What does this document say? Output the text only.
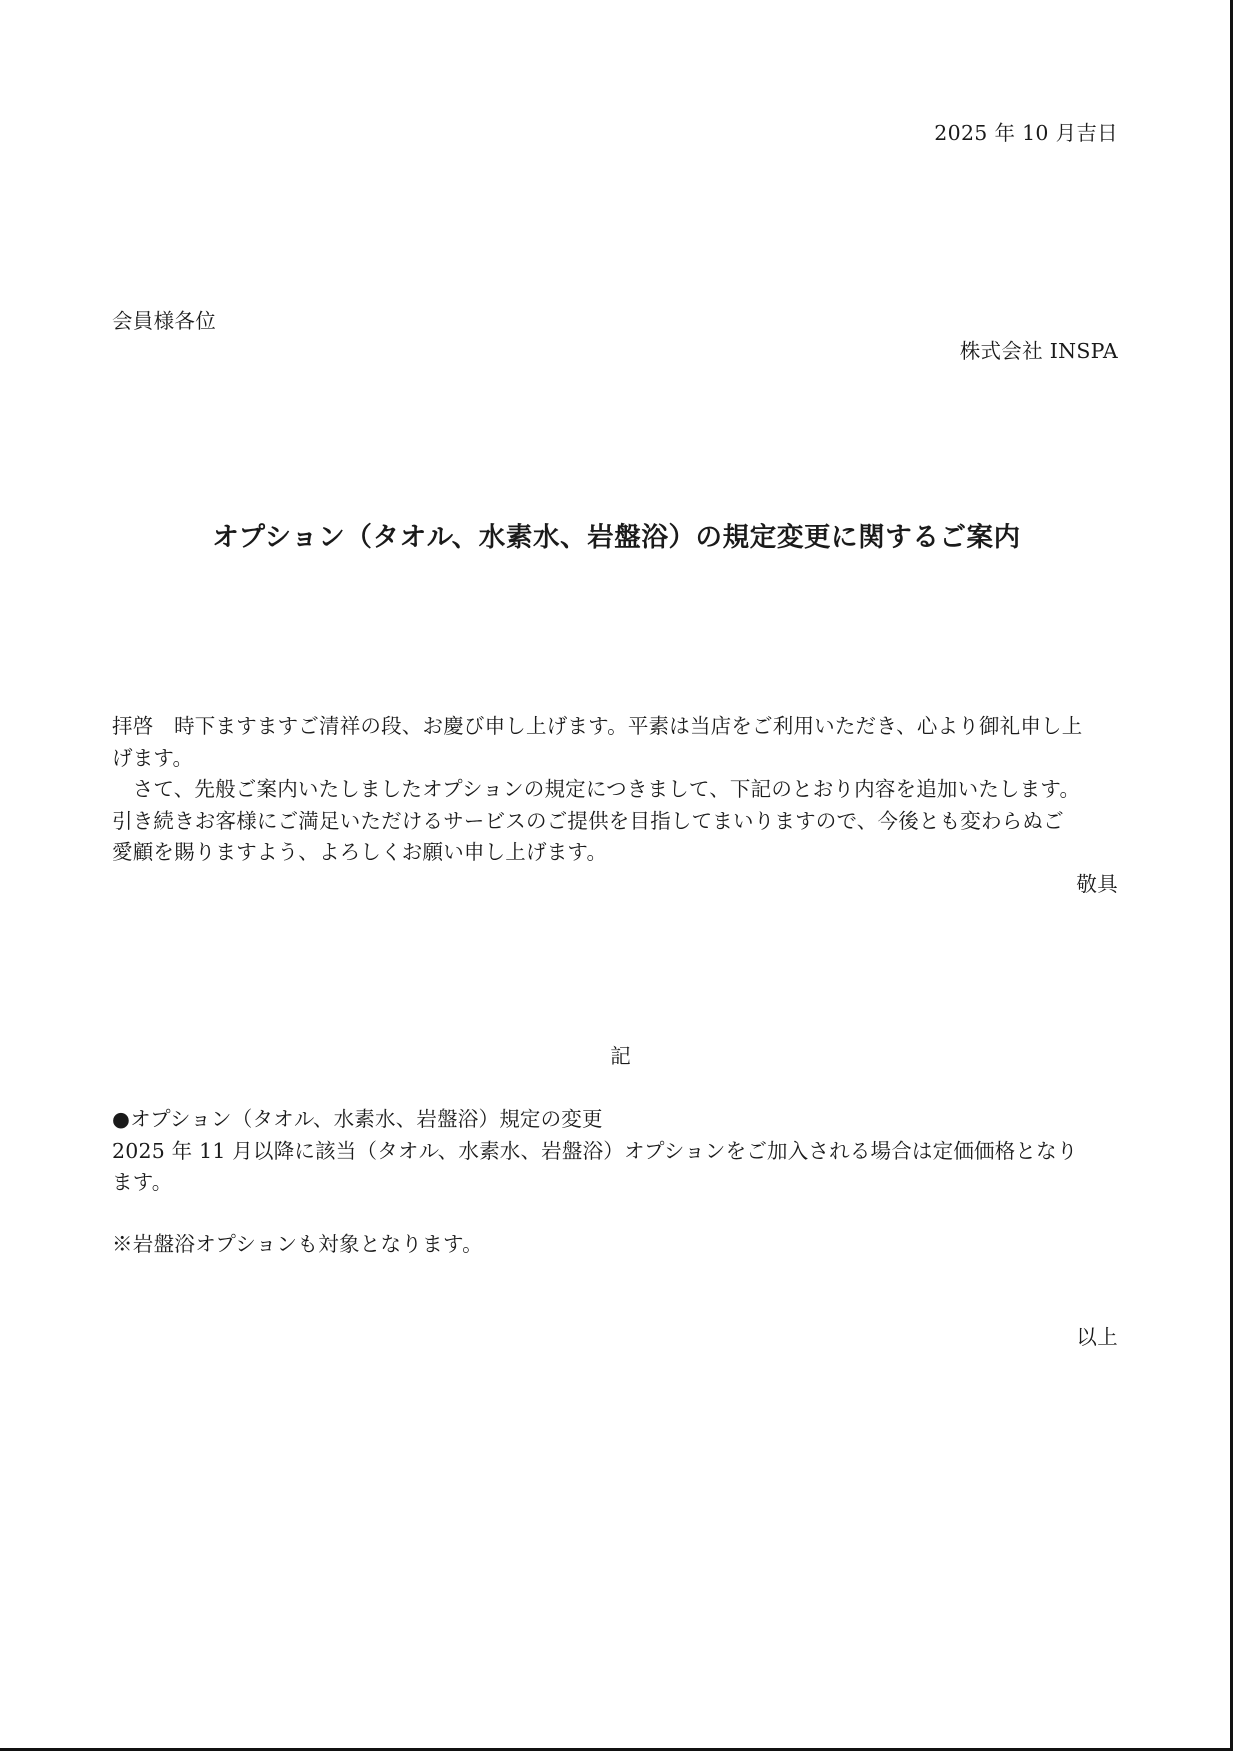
2025 年 10 月吉日
会員様各位
株式会社 INSPA
オプション（タオル、水素水、岩盤浴）の規定変更に関するご案内

拝啓　時下ますますご清祥の段、お慶び申し上げます。平素は当店をご利用いただき、心より御礼申し上

げます。

　さて、先般ご案内いたしましたオプションの規定につきまして、下記のとおり内容を追加いたします。

引き続きお客様にご満足いただけるサービスのご提供を目指してまいりますので、今後とも変わらぬご

愛顧を賜りますよう、よろしくお願い申し上げます。

敬具
記

●オプション（タオル、水素水、岩盤浴）規定の変更

2025 年 11 月以降に該当（タオル、水素水、岩盤浴）オプションをご加入される場合は定価価格となり

ます。

※岩盤浴オプションも対象となります。
以上
